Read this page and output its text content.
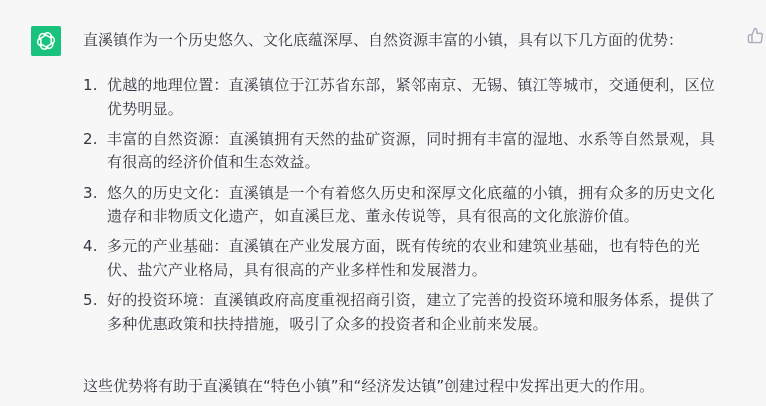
直溪镇作为一个历史悠久、文化底蕴深厚、自然资源丰富的小镇，具有以下几方面的优势：
1. 优越的地理位置：直溪镇位于江苏省东部，紧邻南京、无锡、镇江等城市，交通便利，区位优势明显。
2. 丰富的自然资源：直溪镇拥有天然的盐矿资源，同时拥有丰富的湿地、水系等自然景观，具有很高的经济价值和生态效益。
3. 悠久的历史文化：直溪镇是一个有着悠久历史和深厚文化底蕴的小镇，拥有众多的历史文化遗存和非物质文化遗产，如直溪巨龙、董永传说等，具有很高的文化旅游价值。
4. 多元的产业基础：直溪镇在产业发展方面，既有传统的农业和建筑业基础，也有特色的光伏、盐穴产业格局，具有很高的产业多样性和发展潜力。
5. 好的投资环境：直溪镇政府高度重视招商引资，建立了完善的投资环境和服务体系，提供了多种优惠政策和扶持措施，吸引了众多的投资者和企业前来发展。
这些优势将有助于直溪镇在“特色小镇”和“经济发达镇”创建过程中发挥出更大的作用。
